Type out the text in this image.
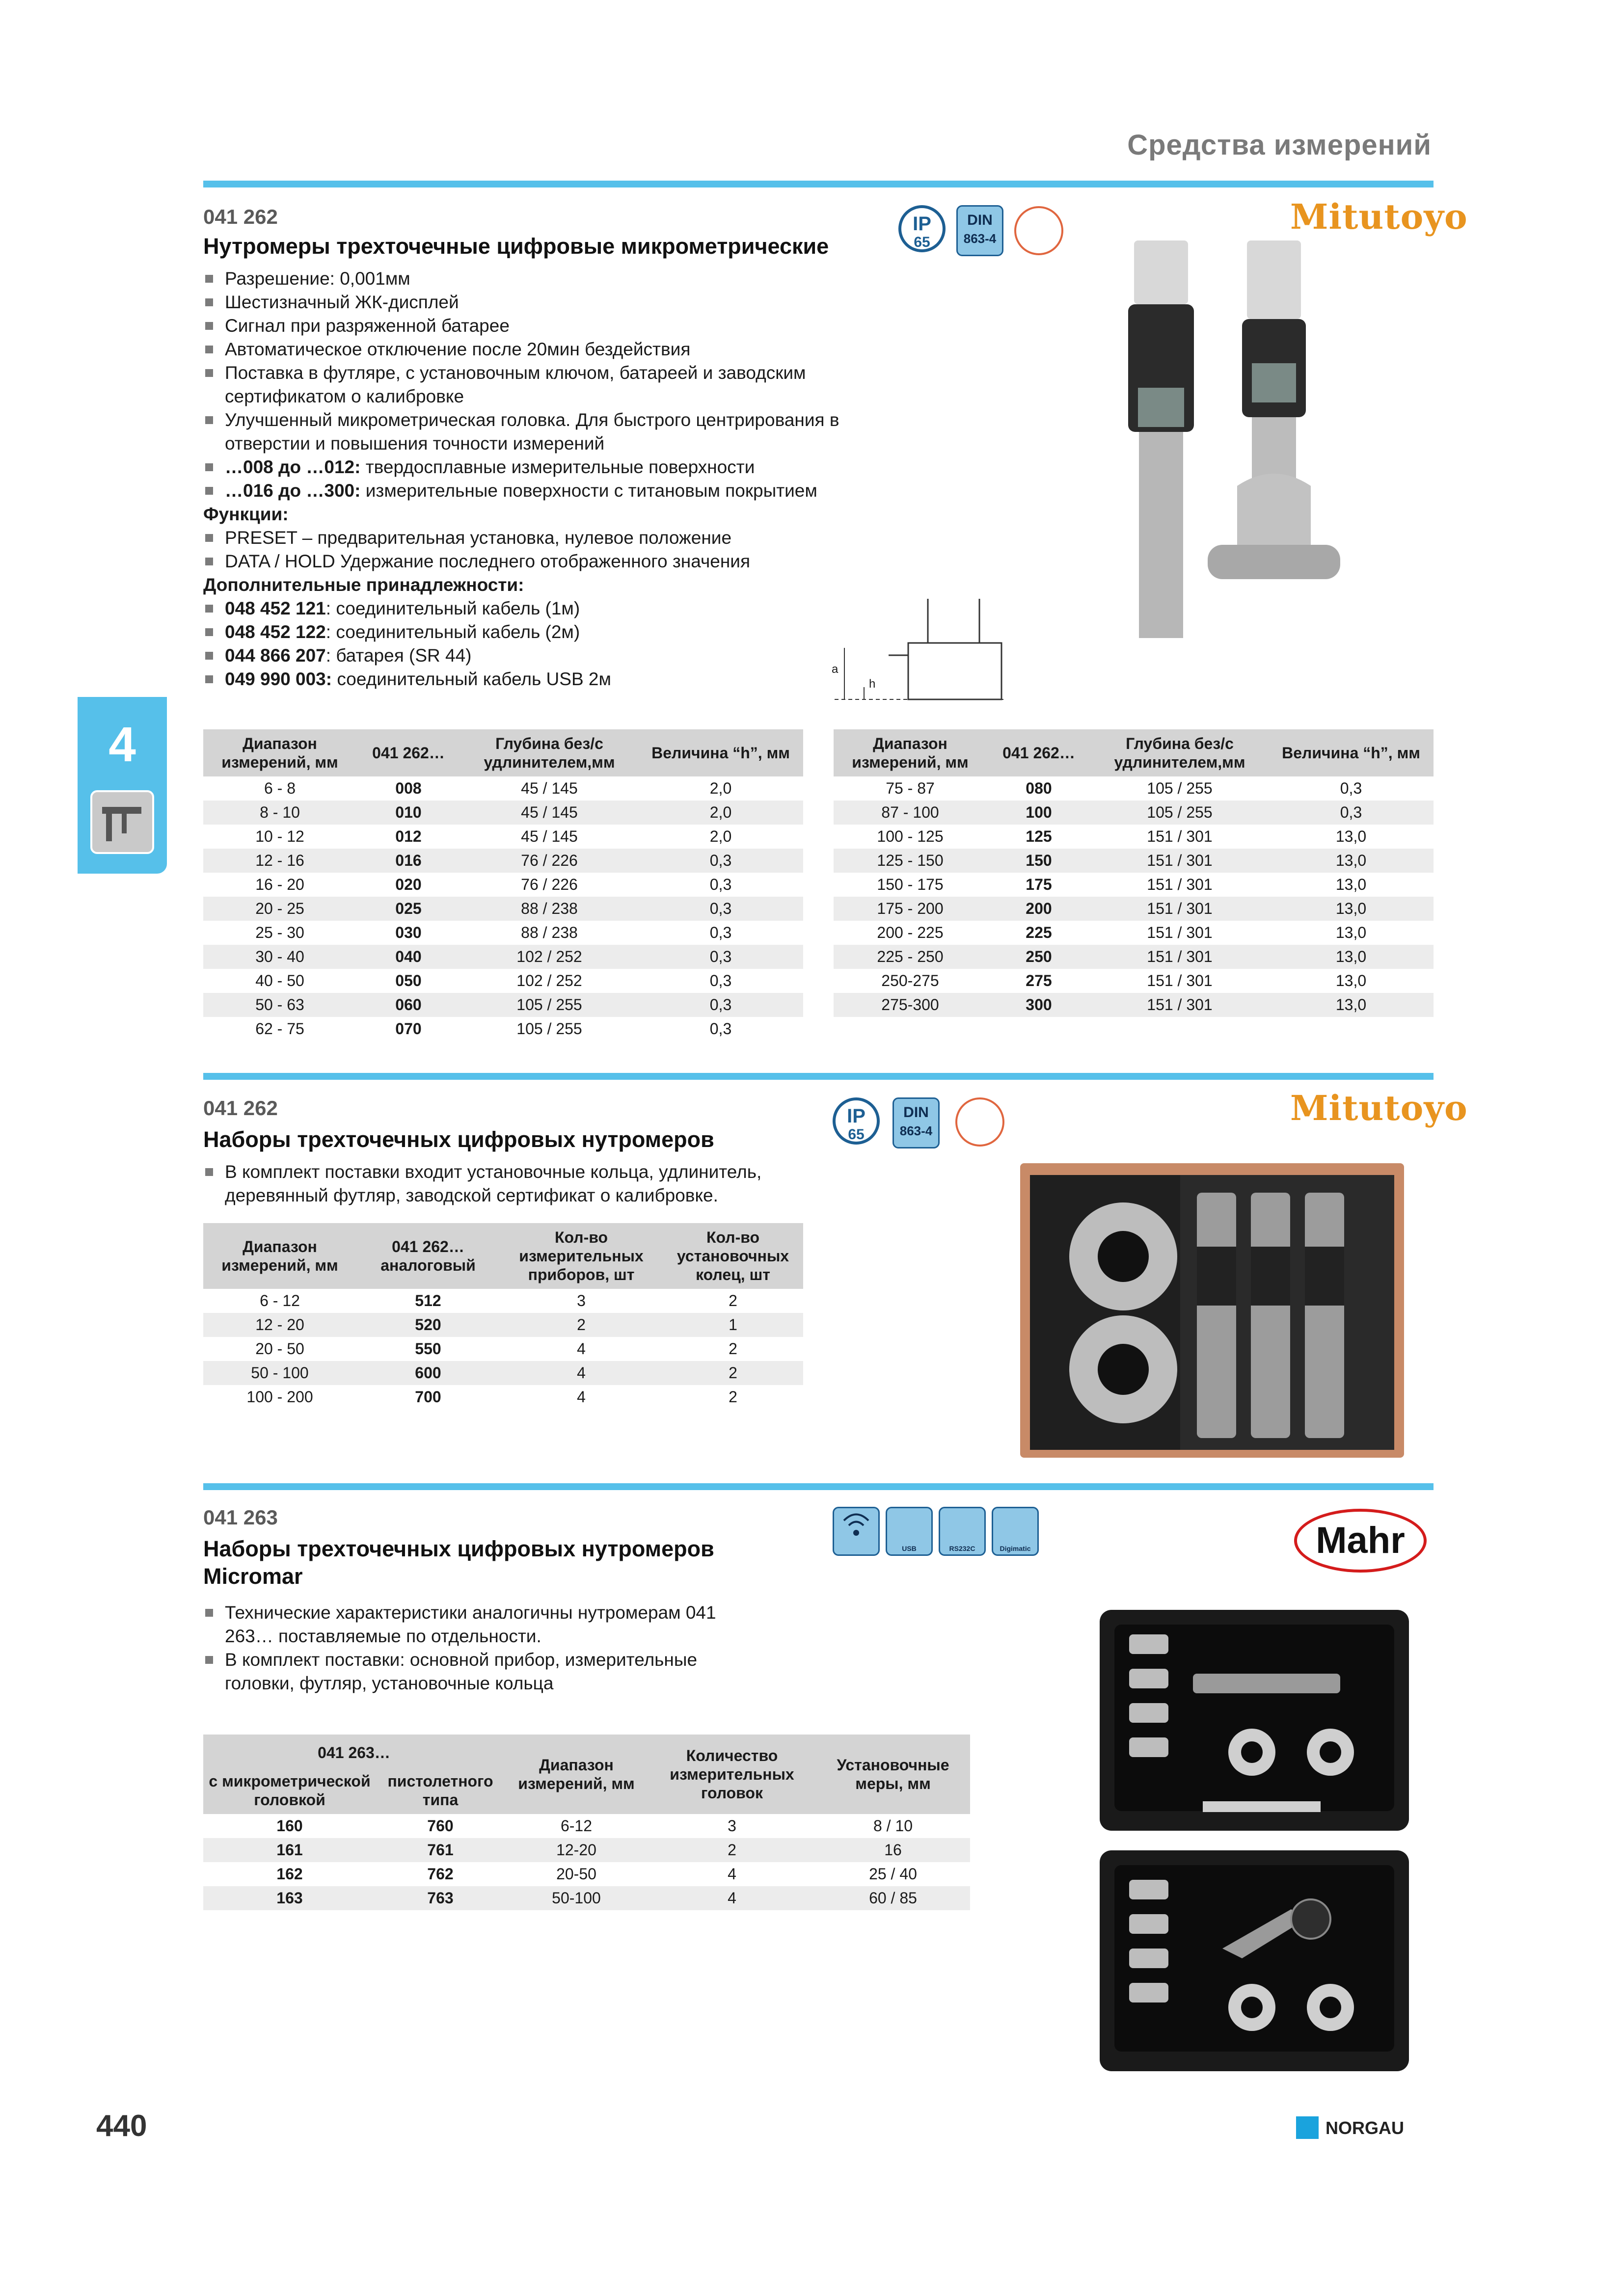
Средства измерений
4
041 262
Нутромеры трехточечные цифровые микрометрические
IP
65
DIN
863-4
Mitutoyo
Разрешение: 0,001мм
Шестизначный ЖК-дисплей
Сигнал при разряженной батарее
Автоматическое отключение после 20мин бездействия
Поставка в футляре, с установочным ключом, батареей и заводским сертификатом о калибровке
Улучшенный микрометрическая головка. Для быстрого центрирования в отверстии и повышения точности измерений
…008 до …012: твердосплавные измерительные поверхности
…016 до …300: измерительные поверхности с титановым покрытием
Функции:
PRESET – предварительная установка, нулевое положение
DATA / HOLD Удержание последнего отображенного значения
Дополнительные принадлежности:
048 452 121: соединительный кабель (1м)
048 452 122: соединительный кабель (2м)
044 866 207: батарея (SR 44)
049 990 003: соединительный кабель USB 2м	a
h
Диапазон измерений, мм	041 262…	Глубина без/с удлинителем,мм	Величина “h”, мм
6 - 8	008	45 / 145	2,0
8 - 10	010	45 / 145	2,0
10 - 12	012	45 / 145	2,0
12 - 16	016	76 / 226	0,3
16 - 20	020	76 / 226	0,3
20 - 25	025	88 / 238	0,3
25 - 30	030	88 / 238	0,3
30 - 40	040	102 / 252	0,3
40 - 50	050	102 / 252	0,3
50 - 63	060	105 / 255	0,3
62 - 75	070	105 / 255	0,3
Диапазон измерений, мм	041 262…	Глубина без/с удлинителем,мм	Величина “h”, мм
75 - 87	080	105 / 255	0,3
87 - 100	100	105 / 255	0,3
100 - 125	125	151 / 301	13,0
125 - 150	150	151 / 301	13,0
150 - 175	175	151 / 301	13,0
175 - 200	200	151 / 301	13,0
200 - 225	225	151 / 301	13,0
225 - 250	250	151 / 301	13,0
250-275	275	151 / 301	13,0
275-300	300	151 / 301	13,0
041 262
Наборы трехточечных цифровых нутромеров
IP
65
DIN
863-4
Mitutoyo
В комплект поставки входит установочные кольца, удлинитель, деревянный футляр, заводской сертификат о калибровке.
Диапазон измерений, мм	041 262… аналоговый	Кол-во измерительных приборов, шт	Кол-во установочных колец, шт
6 - 12	512	3	2
12 - 20	520	2	1
20 - 50	550	4	2
50 - 100	600	4	2
100 - 200	700	4	2
041 263
Наборы трехточечных цифровых нутромеров Micromar
USB	RS232C	Digimatic	Mahr
Технические характеристики аналогичны нутромерам 041 263… поставляемые по отдельности.
В комплект поставки: основной прибор, измерительные головки, футляр, установочные кольца
041 263…		Диапазон измерений, мм	Количество измерительных головок	Установочные меры, мм
с микрометрической головкой	пистолетного типа			
160	760	6-12	3	8 / 10
161	761	12-20	2	16
162	762	20-50	4	25 / 40
163	763	50-100	4	60 / 85
440	NORGAU
